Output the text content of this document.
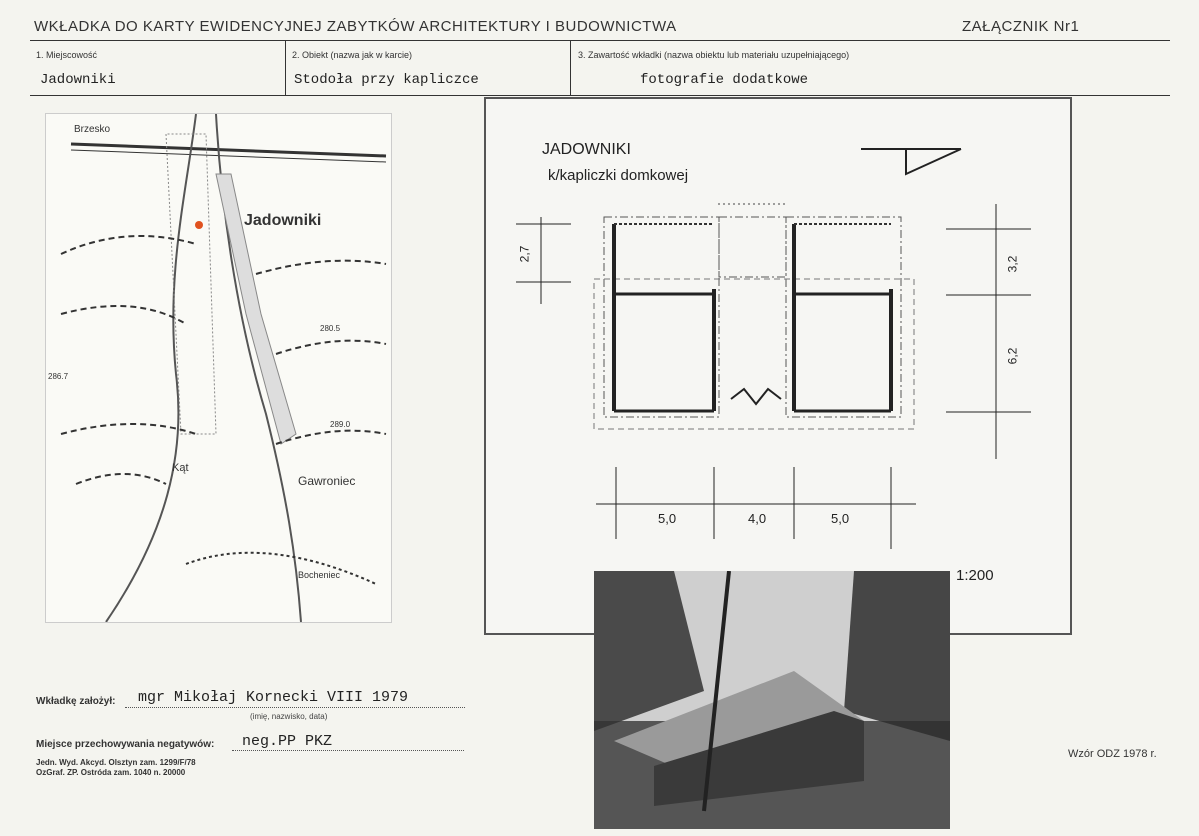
WKŁADKA DO KARTY EWIDENCYJNEJ ZABYTKÓW ARCHITEKTURY I BUDOWNICTWA	ZAŁĄCZNIK Nr1
1. Miejscowość
Jadowniki
2. Obiekt (nazwa jak w karcie)
Stodoła przy kapliczce
3. Zawartość wkładki (nazwa obiektu lub materiału uzupełniającego)
fotografie dodatkowe
Brzesko
Jadowniki
280.5
286.7
289.0
Kąt
Gawroniec
Bocheniec
JADOWNIKI
k/kapliczki domkowej
2,7
3,2
6,2
5,0	4,0	5,0
1:200
Wkładkę założył: mgr Mikołaj Kornecki VIII 1979
(imię, nazwisko, data)
Miejsce przechowywania negatywów: neg.PP PKZ
Jedn. Wyd. Akcyd. Olsztyn zam. 1299/F/78
OzGraf. ZP. Ostróda zam. 1040 n. 20000
Wzór ODZ 1978 r.
